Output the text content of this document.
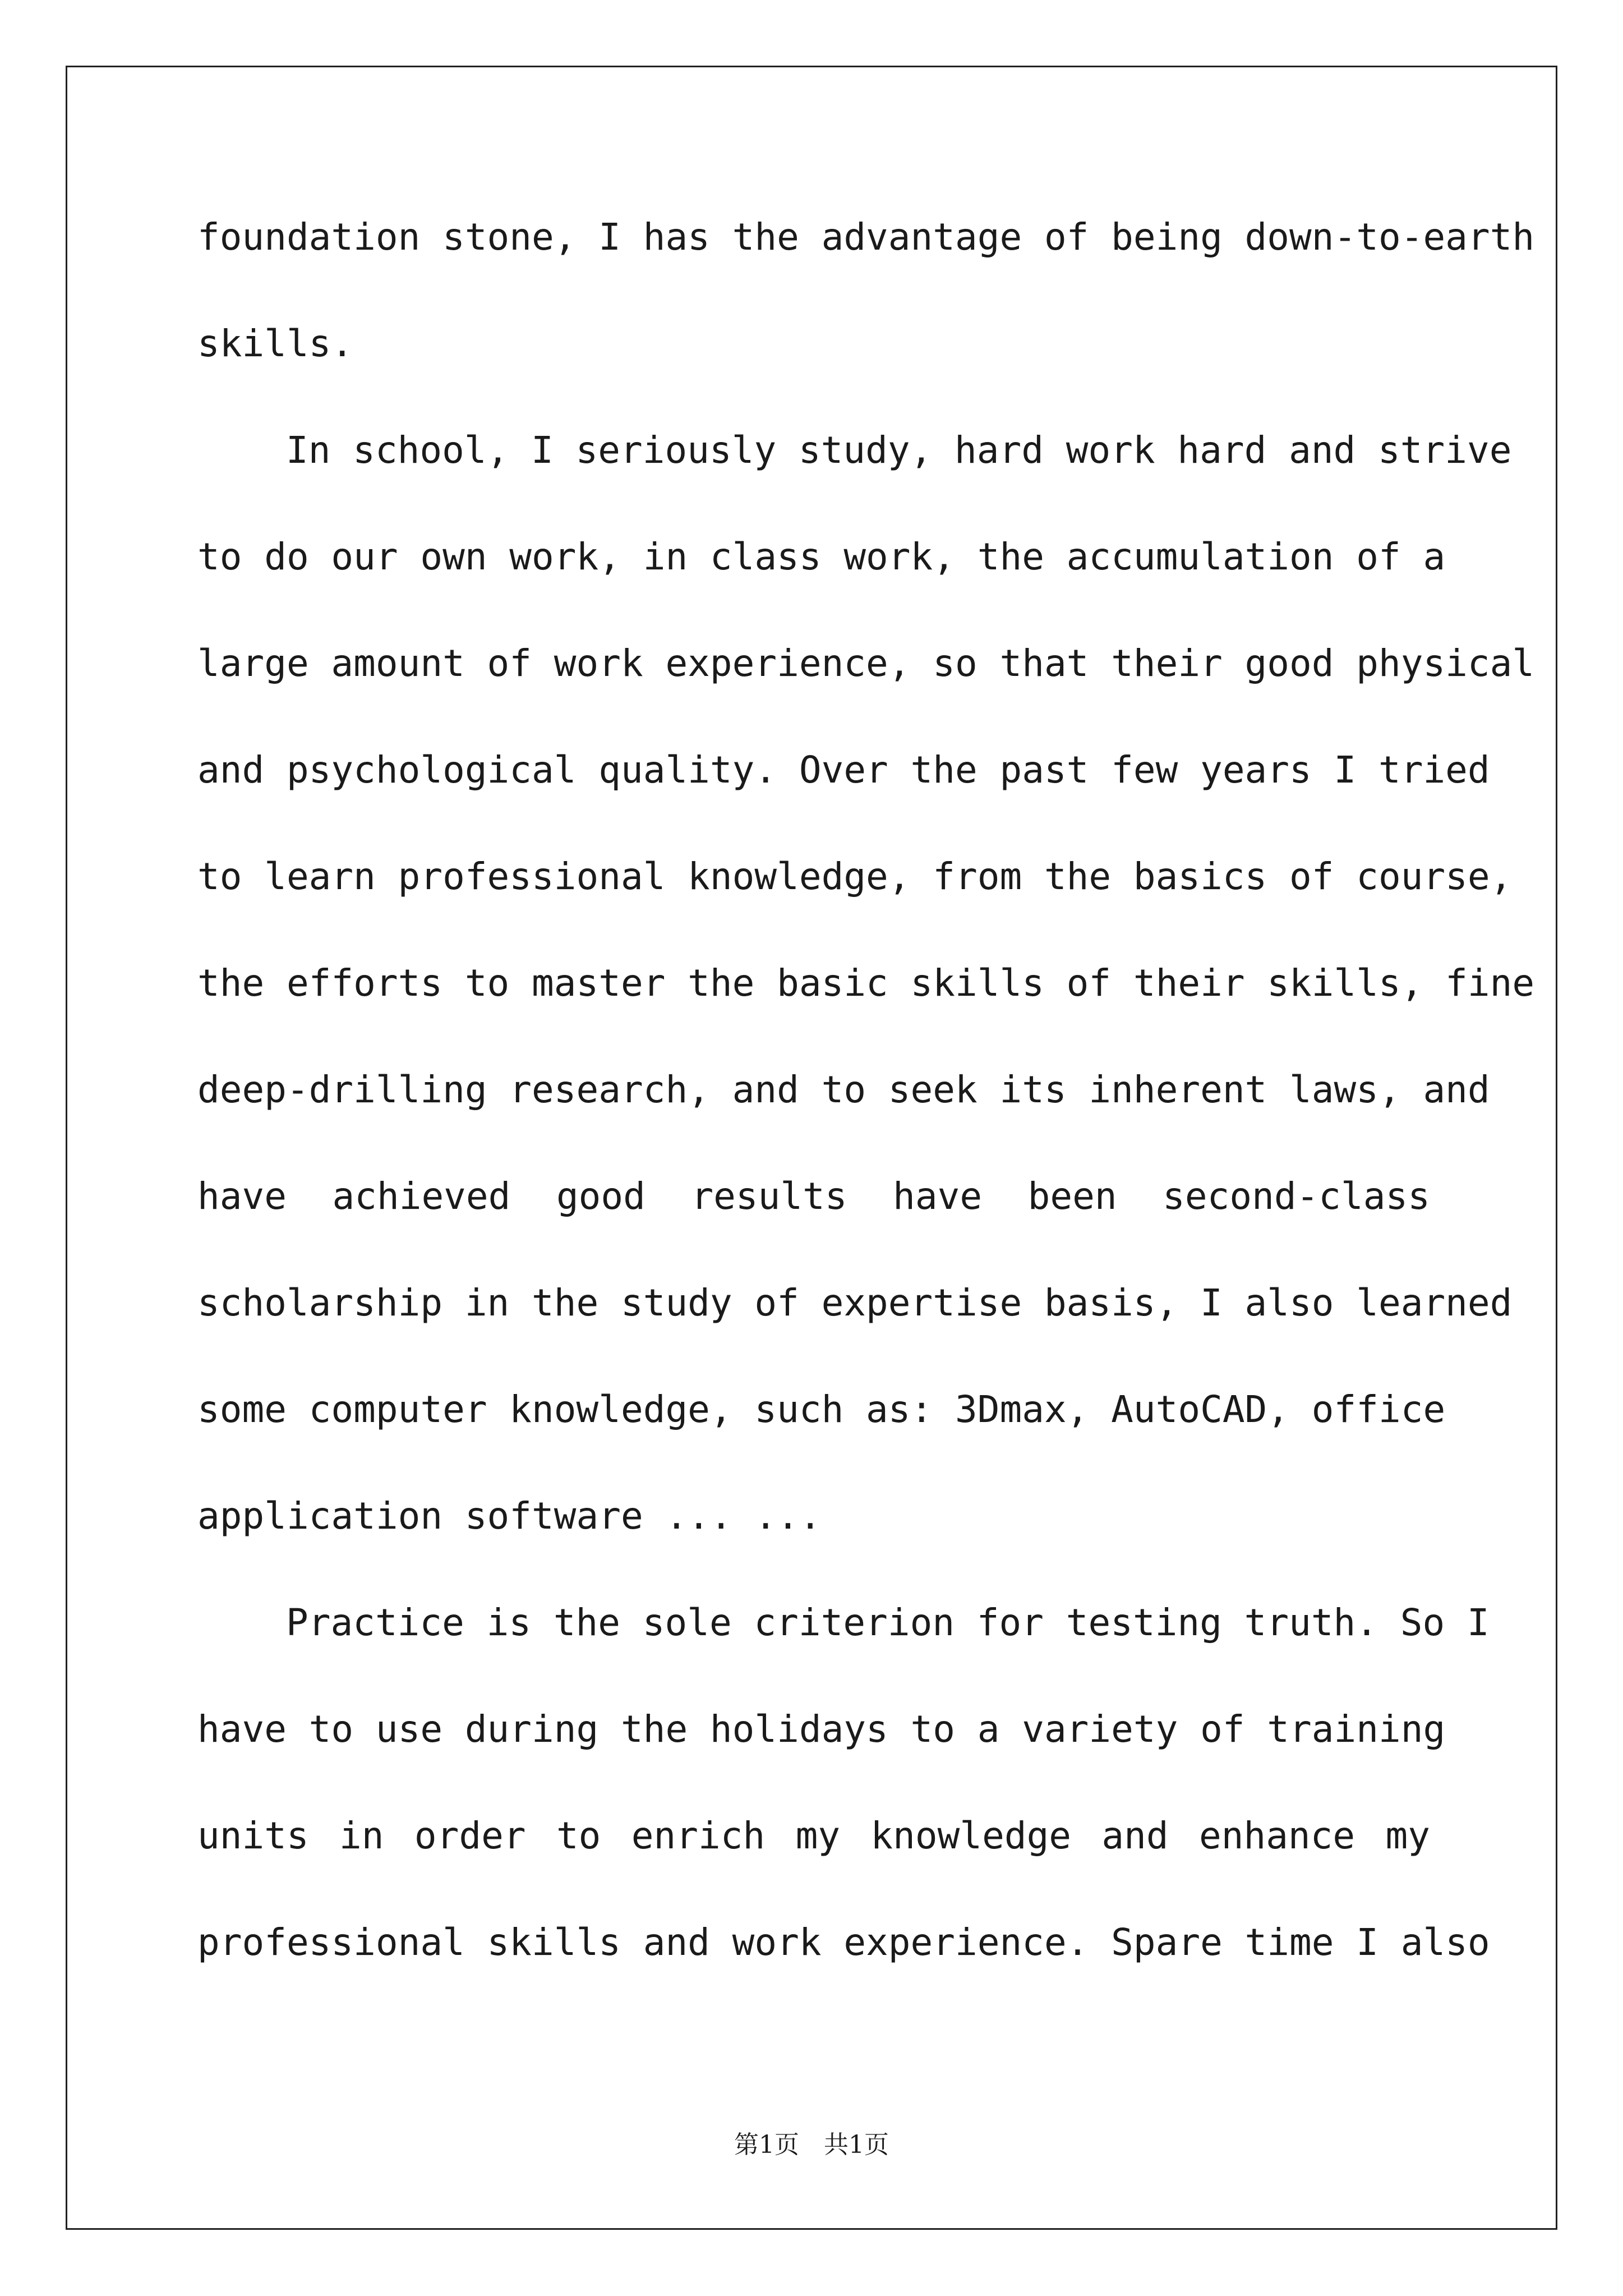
foundation stone, I has the advantage of being down-to-earth
skills.
In school, I seriously study, hard work hard and strive
to do our own work, in class work, the accumulation of a
large amount of work experience, so that their good physical
and psychological quality. Over the past few years I tried
to learn professional knowledge, from the basics of course,
the efforts to master the basic skills of their skills, fine
deep-drilling research, and to seek its inherent laws, and
have achieved good results have been second-class
scholarship in the study of expertise basis, I also learned
some computer knowledge, such as: 3Dmax, AutoCAD, office
application software ... ...
Practice is the sole criterion for testing truth. So I
have to use during the holidays to a variety of training
units in order to enrich my knowledge and enhance my
professional skills and work experience. Spare time I also
第1页　共1页
